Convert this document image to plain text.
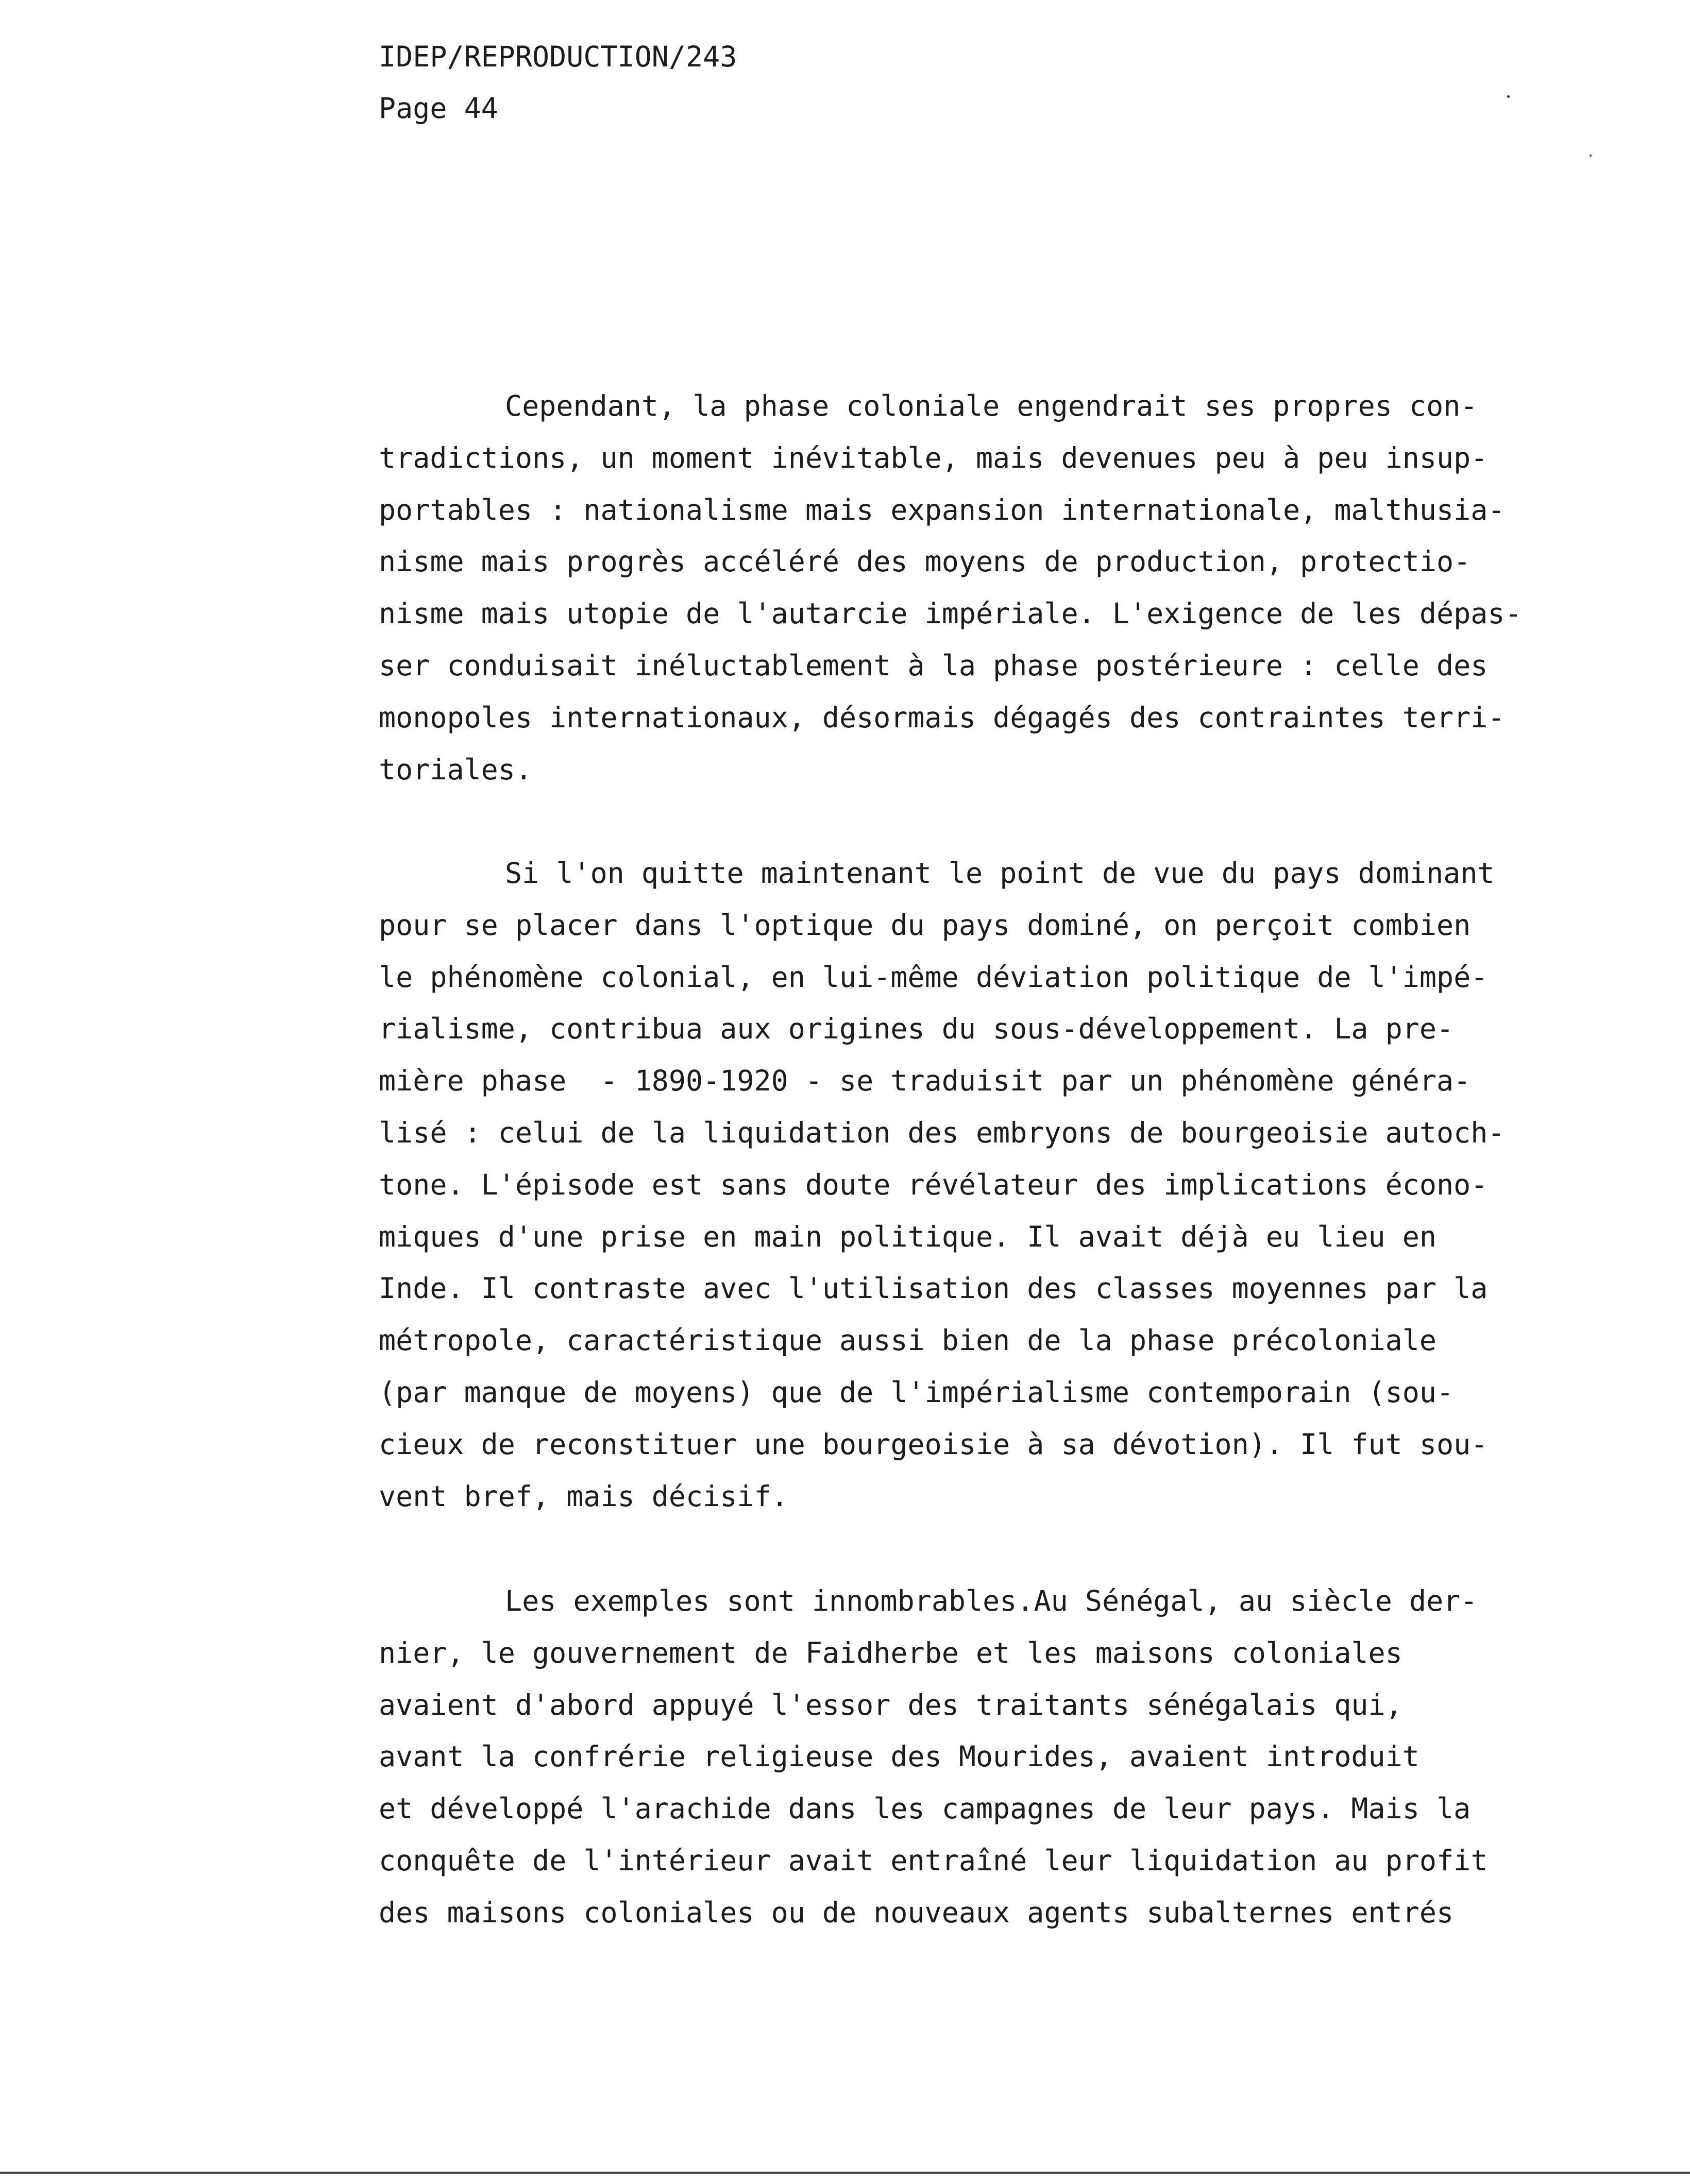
IDEP/REPRODUCTION/243
Page 44
Cependant, la phase coloniale engendrait ses propres con-
tradictions, un moment inévitable, mais devenues peu à peu insup-
portables : nationalisme mais expansion internationale, malthusia-
nisme mais progrès accéléré des moyens de production, protectio-
nisme mais utopie de l'autarcie impériale. L'exigence de les dépas-
ser conduisait inéluctablement à la phase postérieure : celle des
monopoles internationaux, désormais dégagés des contraintes terri-
toriales.
Si l'on quitte maintenant le point de vue du pays dominant
pour se placer dans l'optique du pays dominé, on perçoit combien
le phénomène colonial, en lui-même déviation politique de l'impé-
rialisme, contribua aux origines du sous-développement. La pre-
mière phase  - 1890-1920 - se traduisit par un phénomène généra-
lisé : celui de la liquidation des embryons de bourgeoisie autoch-
tone. L'épisode est sans doute révélateur des implications écono-
miques d'une prise en main politique. Il avait déjà eu lieu en
Inde. Il contraste avec l'utilisation des classes moyennes par la
métropole, caractéristique aussi bien de la phase précoloniale
(par manque de moyens) que de l'impérialisme contemporain (sou-
cieux de reconstituer une bourgeoisie à sa dévotion). Il fut sou-
vent bref, mais décisif.
Les exemples sont innombrables.Au Sénégal, au siècle der-
nier, le gouvernement de Faidherbe et les maisons coloniales
avaient d'abord appuyé l'essor des traitants sénégalais qui,
avant la confrérie religieuse des Mourides, avaient introduit
et développé l'arachide dans les campagnes de leur pays. Mais la
conquête de l'intérieur avait entraîné leur liquidation au profit
des maisons coloniales ou de nouveaux agents subalternes entrés
